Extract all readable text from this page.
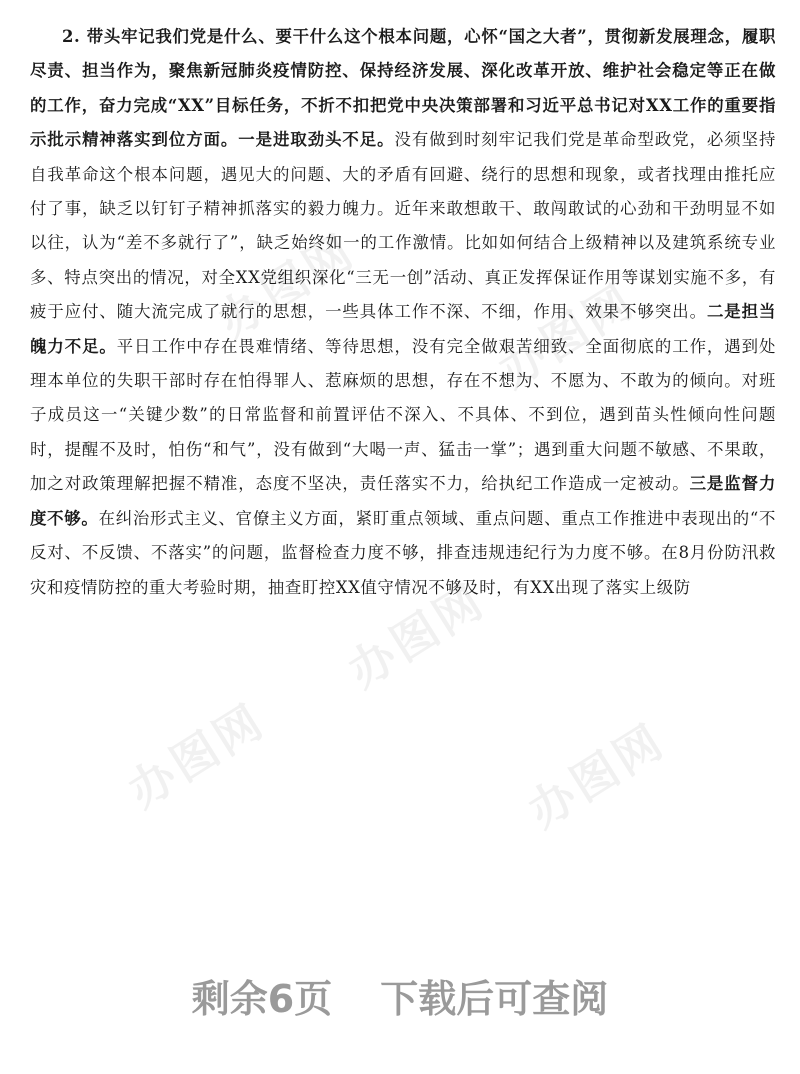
办图网	办图网
办图网
办图网	办图网
2. 带头牢记我们党是什么、要干什么这个根本问题，心怀“国之大者”，贯彻新发展理念，履职尽责、担当作为，聚焦新冠肺炎疫情防控、保持经济发展、深化改革开放、维护社会稳定等正在做的工作，奋力完成“XX”目标任务，不折不扣把党中央决策部署和习近平总书记对XX工作的重要指示批示精神落实到位方面。一是进取劲头不足。没有做到时刻牢记我们党是革命型政党，必须坚持自我革命这个根本问题，遇见大的问题、大的矛盾有回避、绕行的思想和现象，或者找理由推托应付了事，缺乏以钉钉子精神抓落实的毅力魄力。近年来敢想敢干、敢闯敢试的心劲和干劲明显不如以往，认为“差不多就行了”，缺乏始终如一的工作激情。比如如何结合上级精神以及建筑系统专业多、特点突出的情况，对全XX党组织深化“三无一创”活动、真正发挥保证作用等谋划实施不多，有疲于应付、随大流完成了就行的思想，一些具体工作不深、不细，作用、效果不够突出。二是担当魄力不足。平日工作中存在畏难情绪、等待思想，没有完全做艰苦细致、全面彻底的工作，遇到处理本单位的失职干部时存在怕得罪人、惹麻烦的思想，存在不想为、不愿为、不敢为的倾向。对班子成员这一“关键少数”的日常监督和前置评估不深入、不具体、不到位，遇到苗头性倾向性问题时，提醒不及时，怕伤“和气”，没有做到“大喝一声、猛击一掌”；遇到重大问题不敏感、不果敢，加之对政策理解把握不精准，态度不坚决，责任落实不力，给执纪工作造成一定被动。三是监督力度不够。在纠治形式主义、官僚主义方面，紧盯重点领域、重点问题、重点工作推进中表现出的“不反对、不反馈、不落实”的问题，监督检查力度不够，排查违规违纪行为力度不够。在8月份防汛救灾和疫情防控的重大考验时期，抽查盯控XX值守情况不够及时，有XX出现了落实上级防
剩余6页 下载后可查阅
